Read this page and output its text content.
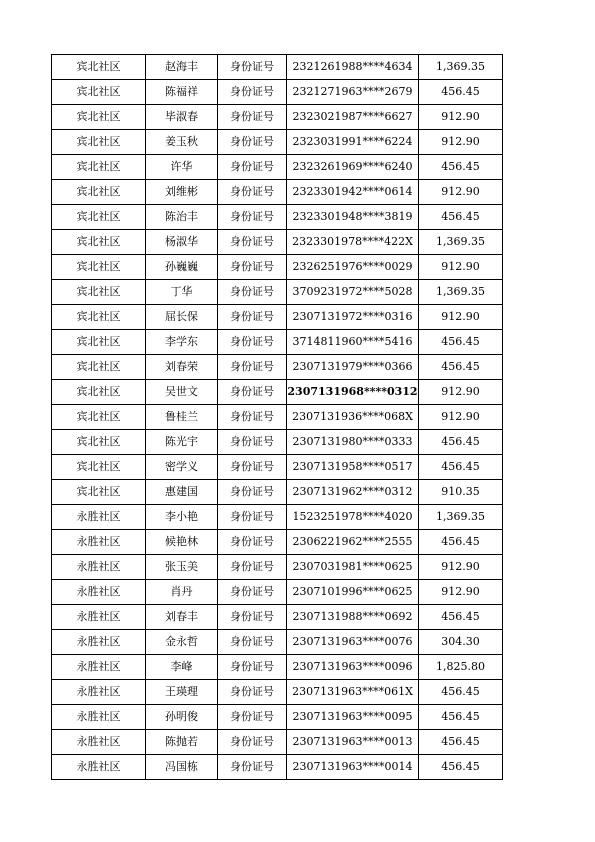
宾北社区	赵海丰	身份证号	2321261988****4634	1,369.35
宾北社区	陈福祥	身份证号	2321271963****2679	456.45
宾北社区	毕淑春	身份证号	2323021987****6627	912.90
宾北社区	姜玉秋	身份证号	2323031991****6224	912.90
宾北社区	许华	身份证号	2323261969****6240	456.45
宾北社区	刘维彬	身份证号	2323301942****0614	912.90
宾北社区	陈治丰	身份证号	2323301948****3819	456.45
宾北社区	杨淑华	身份证号	2323301978****422X	1,369.35
宾北社区	孙巍巍	身份证号	2326251976****0029	912.90
宾北社区	丁华	身份证号	3709231972****5028	1,369.35
宾北社区	屈长保	身份证号	2307131972****0316	912.90
宾北社区	李学东	身份证号	3714811960****5416	456.45
宾北社区	刘春荣	身份证号	2307131979****0366	456.45
宾北社区	吴世文	身份证号	2307131968****0312	912.90
宾北社区	鲁桂兰	身份证号	2307131936****068X	912.90
宾北社区	陈光宇	身份证号	2307131980****0333	456.45
宾北社区	密学义	身份证号	2307131958****0517	456.45
宾北社区	惠建国	身份证号	2307131962****0312	910.35
永胜社区	李小艳	身份证号	1523251978****4020	1,369.35
永胜社区	候艳林	身份证号	2306221962****2555	456.45
永胜社区	张玉美	身份证号	2307031981****0625	912.90
永胜社区	肖丹	身份证号	2307101996****0625	912.90
永胜社区	刘春丰	身份证号	2307131988****0692	456.45
永胜社区	金永哲	身份证号	2307131963****0076	304.30
永胜社区	李峰	身份证号	2307131963****0096	1,825.80
永胜社区	王瑛理	身份证号	2307131963****061X	456.45
永胜社区	孙明俊	身份证号	2307131963****0095	456.45
永胜社区	陈抛若	身份证号	2307131963****0013	456.45
永胜社区	冯国栋	身份证号	2307131963****0014	456.45
